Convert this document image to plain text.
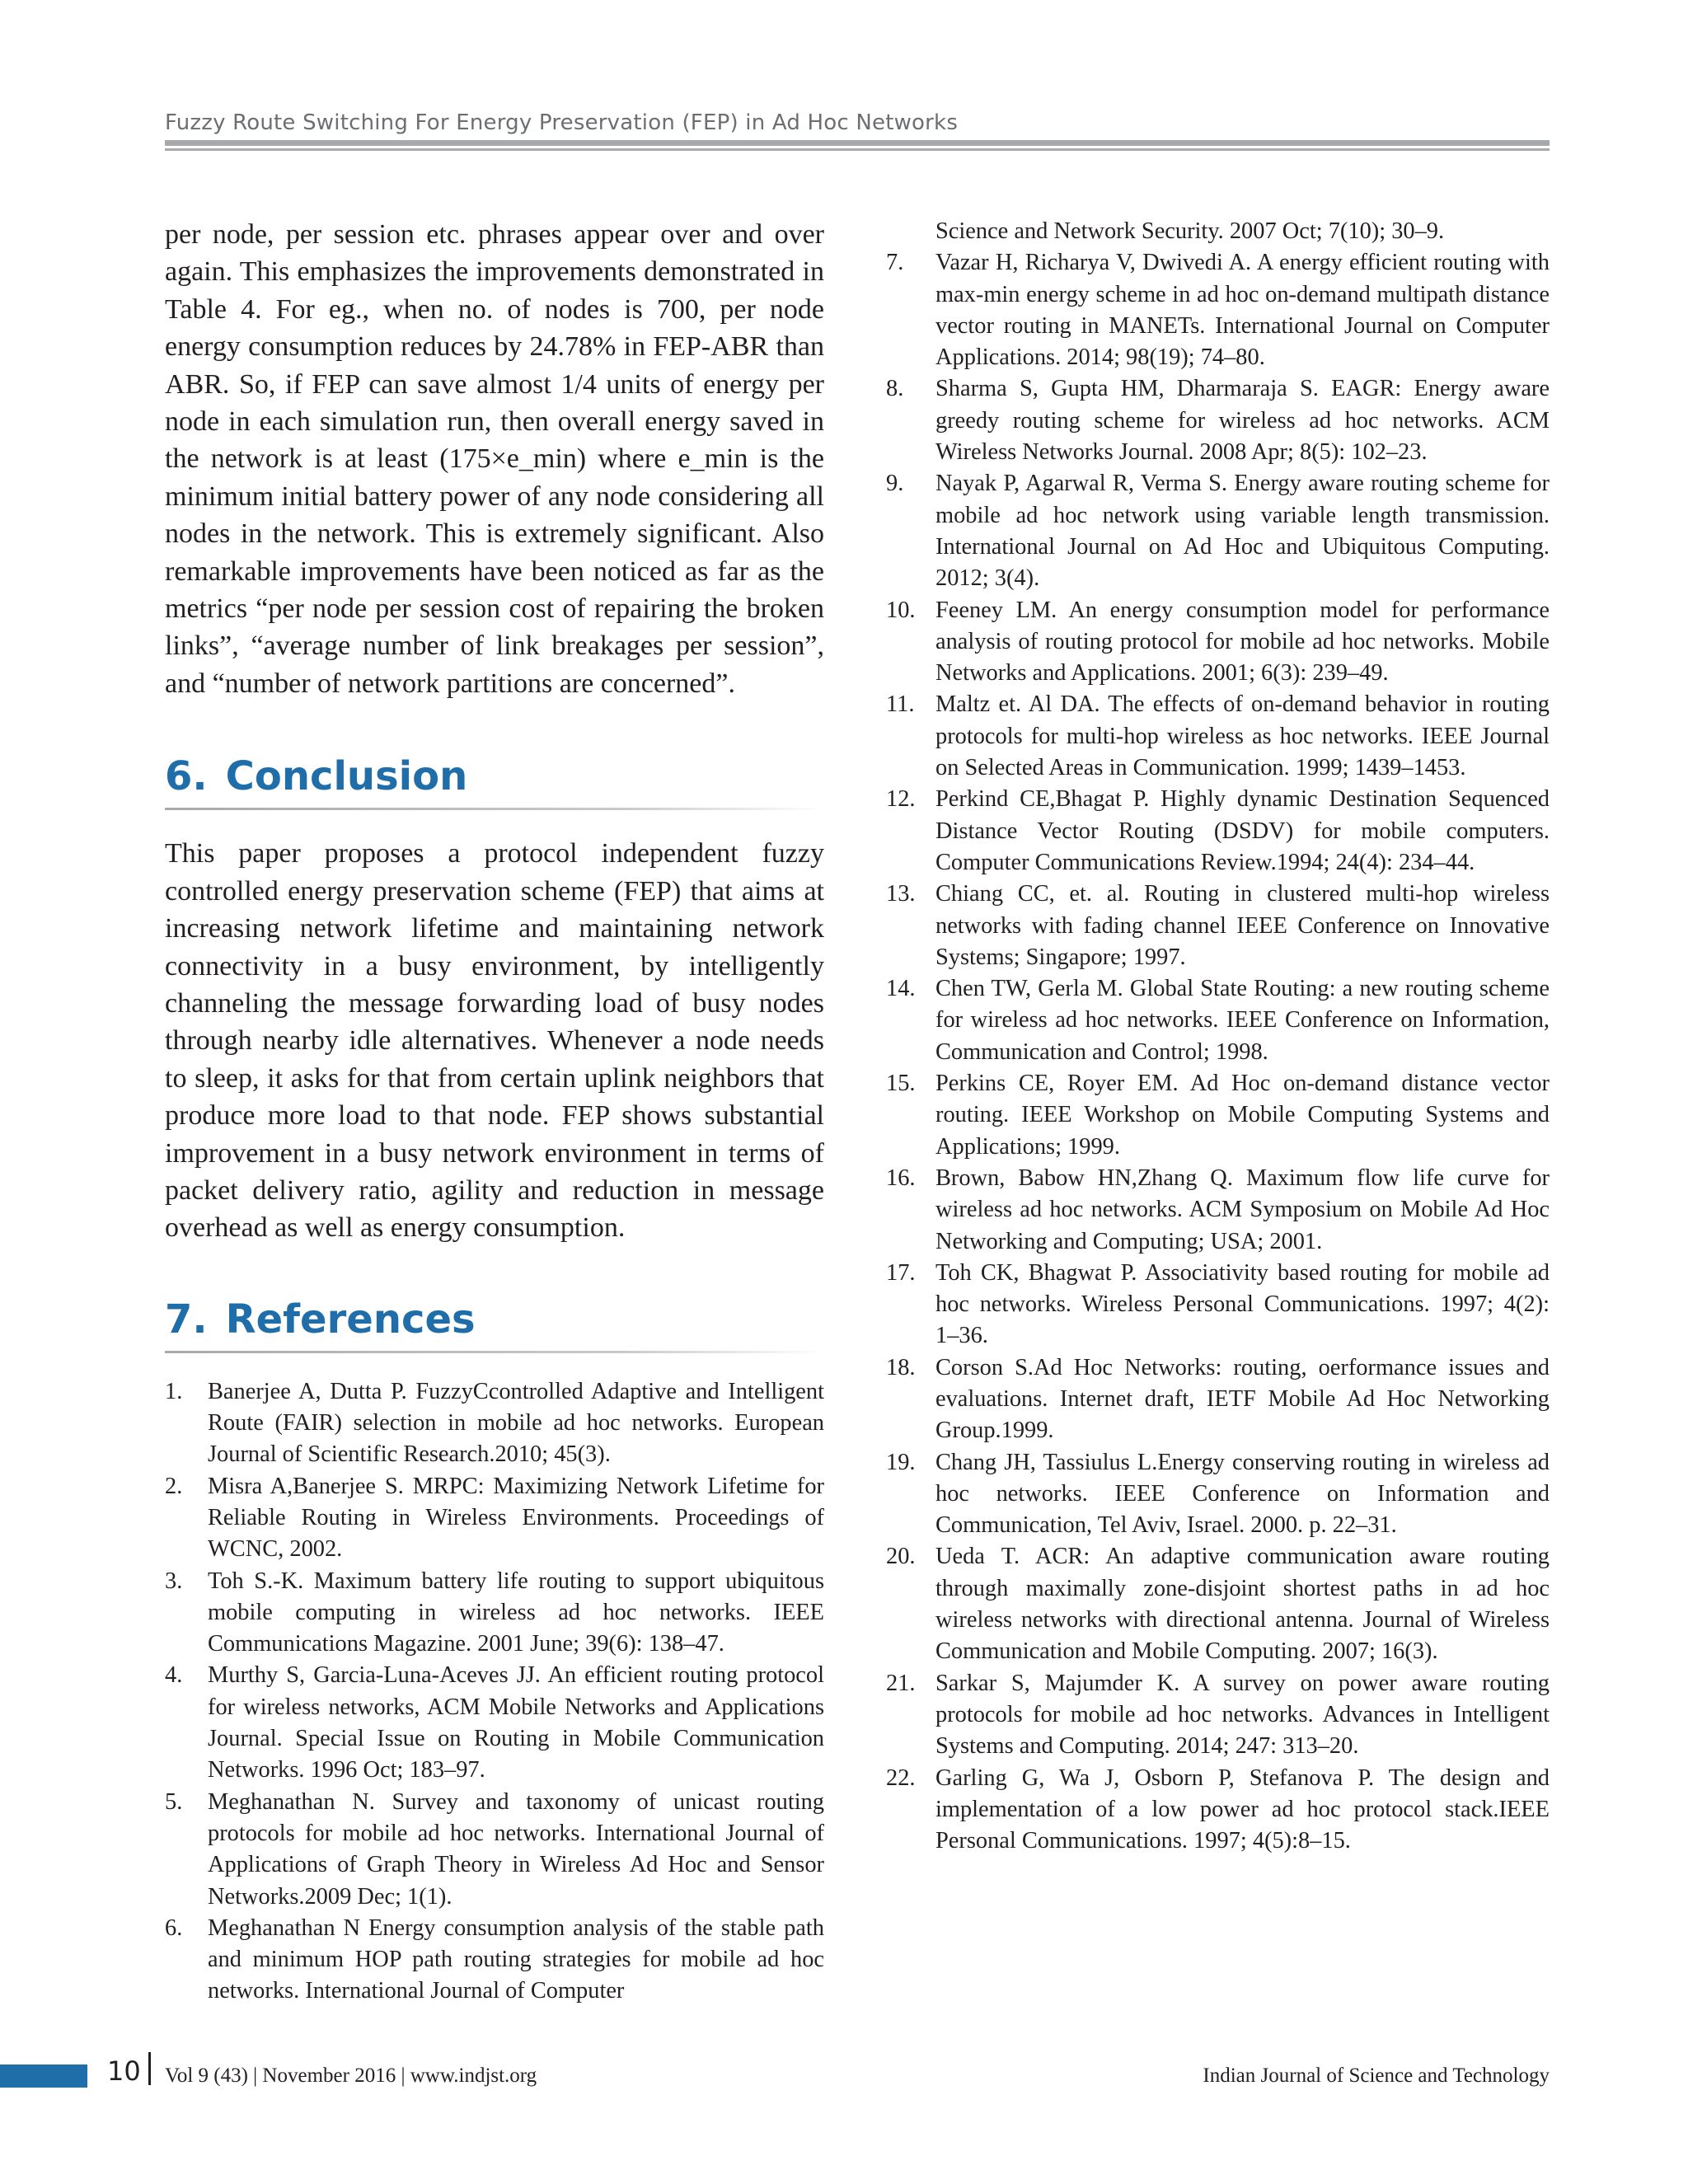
Fuzzy Route Switching For Energy Preservation (FEP) in Ad Hoc Networks

per node, per session etc. phrases appear over and over again. This emphasizes the improvements demonstrated in Table 4. For eg., when no. of nodes is 700, per node energy consumption reduces by 24.78% in FEP-ABR than ABR. So, if FEP can save almost 1/4 units of energy per node in each simulation run, then overall energy saved in the network is at least (175×e_min) where e_min is the minimum initial battery power of any node considering all nodes in the network. This is extremely significant. Also remarkable improvements have been noticed as far as the metrics “per node per session cost of repairing the broken links”, “average number of link breakages per session”, and “number of network partitions are concerned”.

6. Conclusion

This paper proposes a protocol independent fuzzy controlled energy preservation scheme (FEP) that aims at increasing network lifetime and maintaining network connectivity in a busy environment, by intelligently channeling the message forwarding load of busy nodes through nearby idle alternatives. Whenever a node needs to sleep, it asks for that from certain uplink neighbors that produce more load to that node. FEP shows substantial improvement in a busy network environment in terms of packet delivery ratio, agility and reduction in message overhead as well as energy consumption.

7. References
1. Banerjee A, Dutta P. FuzzyCcontrolled Adaptive and Intelligent Route (FAIR) selection in mobile ad hoc networks. European Journal of Scientific Research.2010; 45(3).
2. Misra A,Banerjee S. MRPC: Maximizing Network Lifetime for Reliable Routing in Wireless Environments. Proceedings of WCNC, 2002.
3. Toh S.-K. Maximum battery life routing to support ubiquitous mobile computing in wireless ad hoc networks. IEEE Communications Magazine. 2001 June; 39(6): 138–47.
4. Murthy S, Garcia-Luna-Aceves JJ. An efficient routing protocol for wireless networks, ACM Mobile Networks and Applications Journal. Special Issue on Routing in Mobile Communication Networks. 1996 Oct; 183–97.
5. Meghanathan N. Survey and taxonomy of unicast routing protocols for mobile ad hoc networks. International Journal of Applications of Graph Theory in Wireless Ad Hoc and Sensor Networks.2009 Dec; 1(1).
6. Meghanathan N Energy consumption analysis of the stable path and minimum HOP path routing strategies for mobile ad hoc networks. International Journal of Computer
Science and Network Security. 2007 Oct; 7(10); 30–9.
7. Vazar H, Richarya V, Dwivedi A. A energy efficient routing with max-min energy scheme in ad hoc on-demand multipath distance vector routing in MANETs. International Journal on Computer Applications. 2014; 98(19); 74–80.
8. Sharma S, Gupta HM, Dharmaraja S. EAGR: Energy aware greedy routing scheme for wireless ad hoc networks. ACM Wireless Networks Journal. 2008 Apr; 8(5): 102–23.
9. Nayak P, Agarwal R, Verma S. Energy aware routing scheme for mobile ad hoc network using variable length transmission. International Journal on Ad Hoc and Ubiquitous Computing. 2012; 3(4).
10. Feeney LM. An energy consumption model for performance analysis of routing protocol for mobile ad hoc networks. Mobile Networks and Applications. 2001; 6(3): 239–49.
11. Maltz et. Al DA. The effects of on-demand behavior in routing protocols for multi-hop wireless as hoc networks. IEEE Journal on Selected Areas in Communication. 1999; 1439–1453.
12. Perkind CE,Bhagat P. Highly dynamic Destination Sequenced Distance Vector Routing (DSDV) for mobile computers. Computer Communications Review.1994; 24(4): 234–44.
13. Chiang CC, et. al. Routing in clustered multi-hop wireless networks with fading channel IEEE Conference on Innovative Systems; Singapore; 1997.
14. Chen TW, Gerla M. Global State Routing: a new routing scheme for wireless ad hoc networks. IEEE Conference on Information, Communication and Control; 1998.
15. Perkins CE, Royer EM. Ad Hoc on-demand distance vector routing. IEEE Workshop on Mobile Computing Systems and Applications; 1999.
16. Brown, Babow HN,Zhang Q. Maximum flow life curve for wireless ad hoc networks. ACM Symposium on Mobile Ad Hoc Networking and Computing; USA; 2001.
17. Toh CK, Bhagwat P. Associativity based routing for mobile ad hoc networks. Wireless Personal Communications. 1997; 4(2): 1–36.
18. Corson S.Ad Hoc Networks: routing, oerformance issues and evaluations. Internet draft, IETF Mobile Ad Hoc Networking Group.1999.
19. Chang JH, Tassiulus L.Energy conserving routing in wireless ad hoc networks. IEEE Conference on Information and Communication, Tel Aviv, Israel. 2000. p. 22–31.
20. Ueda T. ACR: An adaptive communication aware routing through maximally zone-disjoint shortest paths in ad hoc wireless networks with directional antenna. Journal of Wireless Communication and Mobile Computing. 2007; 16(3).
21. Sarkar S, Majumder K. A survey on power aware routing protocols for mobile ad hoc networks. Advances in Intelligent Systems and Computing. 2014; 247: 313–20.
22. Garling G, Wa J, Osborn P, Stefanova P. The design and implementation of a low power ad hoc protocol stack.IEEE Personal Communications. 1997; 4(5):8–15.
10 Vol 9 (43) | November 2016 | www.indjst.org	Indian Journal of Science and Technology
